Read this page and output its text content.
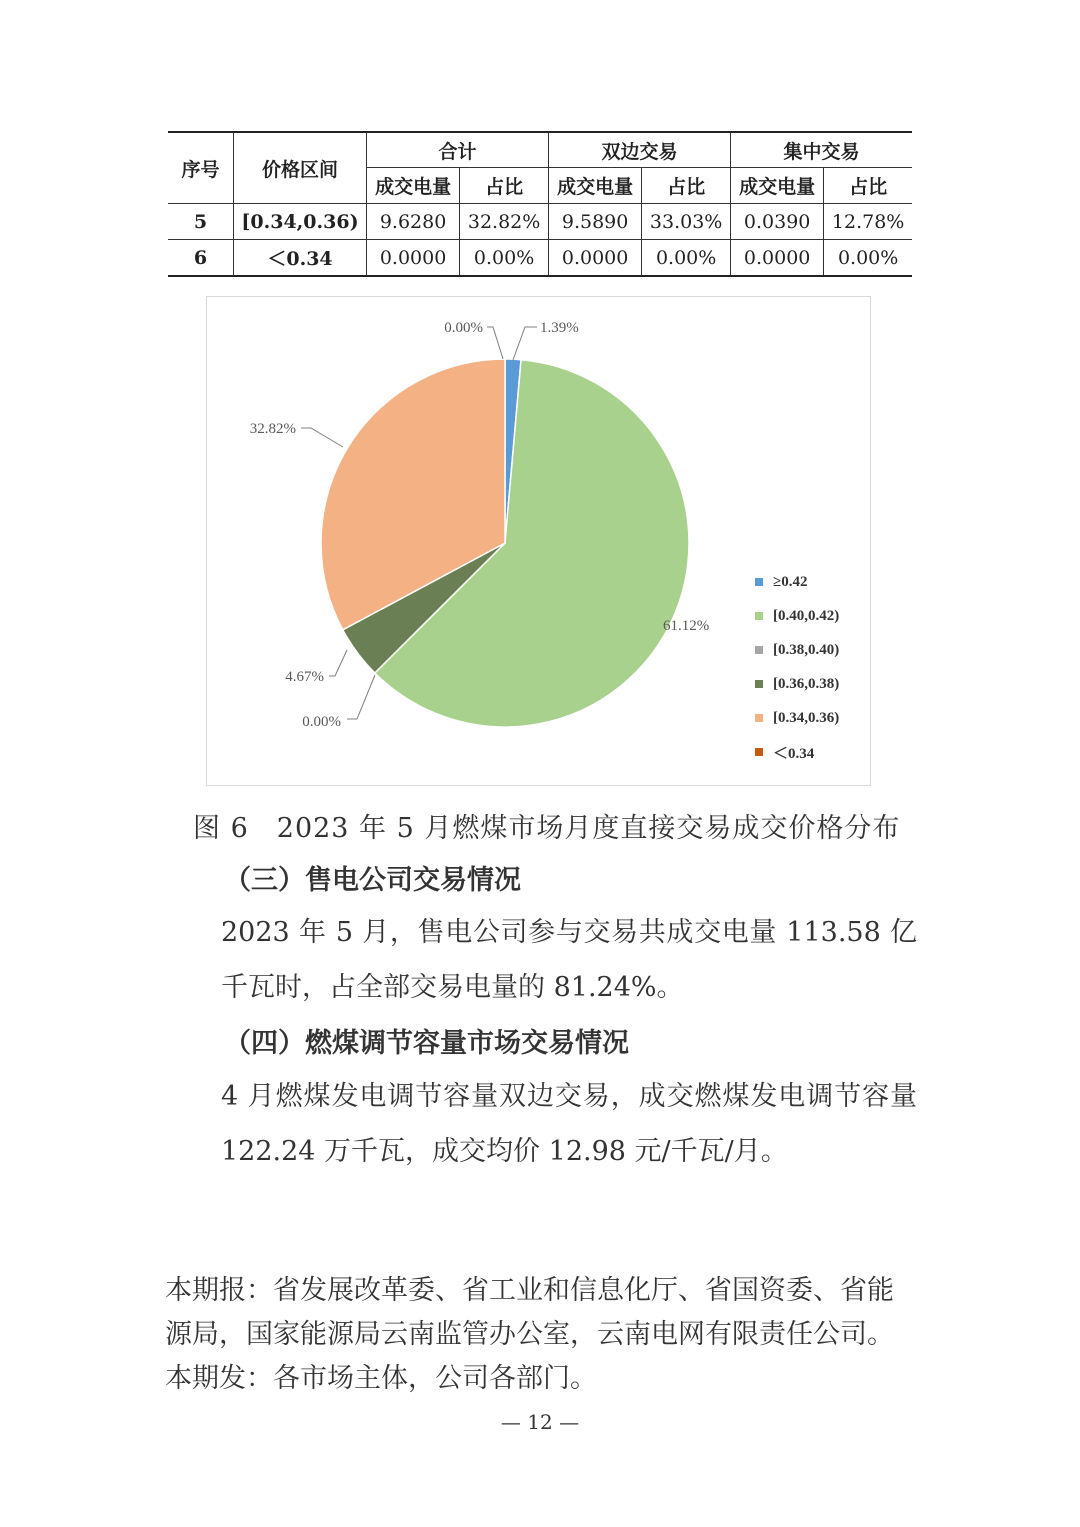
序号	价格区间	合计		双边交易		集中交易	
		成交电量	占比	成交电量	占比	成交电量	占比
5	[0.34,0.36)	9.6280	32.82%	9.5890	33.03%	0.0390	12.78%
6	＜0.34	0.0000	0.00%	0.0000	0.00%	0.0000	0.00%
1.39%
61.12%
0.00%
4.67%
32.82%
0.00%
≥0.42
[0.40,0.42)
[0.38,0.40)
[0.36,0.38)
[0.34,0.36)
＜0.34
图 6　2023 年 5 月燃煤市场月度直接交易成交价格分布
（三）售电公司交易情况
2023 年 5 月，售电公司参与交易共成交电量 113.58 亿千瓦时，占全部交易电量的 81.24%。
（四）燃煤调节容量市场交易情况
4 月燃煤发电调节容量双边交易，成交燃煤发电调节容量 122.24 万千瓦，成交均价 12.98 元/千瓦/月。
本期报：省发展改革委、省工业和信息化厅、省国资委、省能源局，国家能源局云南监管办公室，云南电网有限责任公司。
本期发：各市场主体，公司各部门。
— 12 —
